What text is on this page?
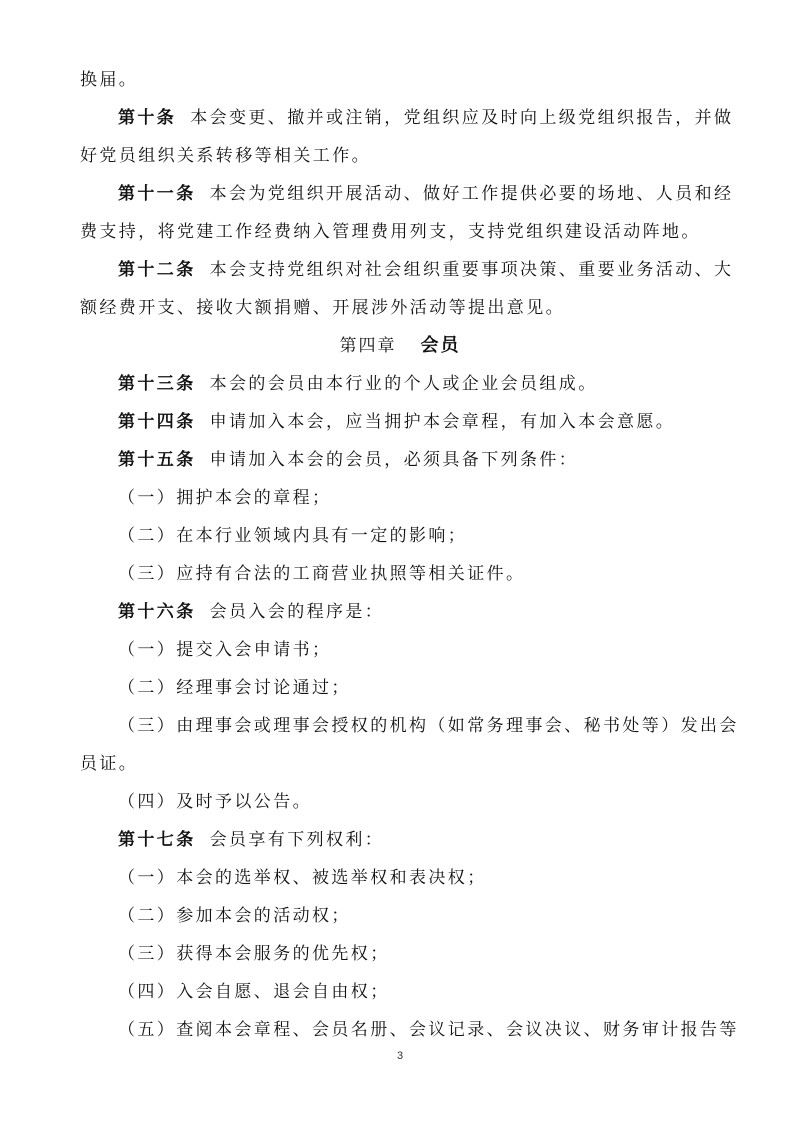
换届。
第十条 本会变更、撤并或注销，党组织应及时向上级党组织报告，并做
好党员组织关系转移等相关工作。
第十一条 本会为党组织开展活动、做好工作提供必要的场地、人员和经
费支持，将党建工作经费纳入管理费用列支，支持党组织建设活动阵地。
第十二条 本会支持党组织对社会组织重要事项决策、重要业务活动、大
额经费开支、接收大额捐赠、开展涉外活动等提出意见。
第四章 会员
第十三条 本会的会员由本行业的个人或企业会员组成。
第十四条 申请加入本会，应当拥护本会章程，有加入本会意愿。
第十五条 申请加入本会的会员，必须具备下列条件：
（一）拥护本会的章程；
（二）在本行业领域内具有一定的影响；
（三）应持有合法的工商营业执照等相关证件。
第十六条 会员入会的程序是：
（一）提交入会申请书；
（二）经理事会讨论通过；
（三）由理事会或理事会授权的机构（如常务理事会、秘书处等）发出会
员证。
（四）及时予以公告。
第十七条 会员享有下列权利：
（一）本会的选举权、被选举权和表决权；
（二）参加本会的活动权；
（三）获得本会服务的优先权；
（四）入会自愿、退会自由权；
（五）查阅本会章程、会员名册、会议记录、会议决议、财务审计报告等
3
